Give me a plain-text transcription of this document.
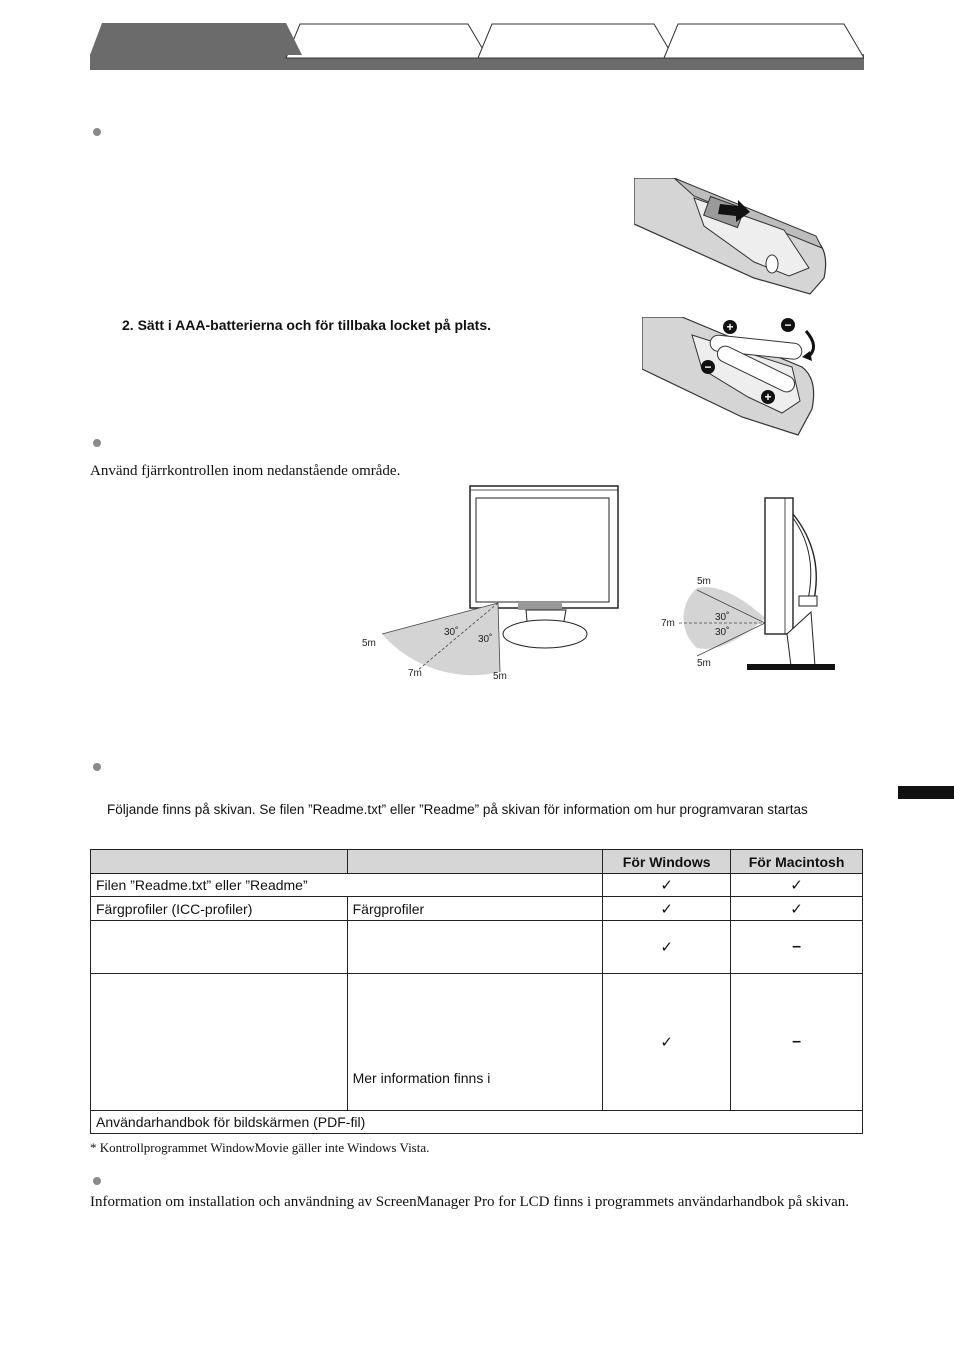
2. Sätt i AAA-batterierna och för tillbaka locket på plats.	+	−
−
+
Använd fjärrkontrollen inom nedanstående område.
30˚
30˚
5m
7m	5m
5m
7m
5m
30˚
30˚
Följande finns på skivan. Se filen ”Readme.txt” eller ”Readme” på skivan för information om hur programvaran startas
		För Windows	För Macintosh
Filen ”Readme.txt” eller ”Readme”		✓	✓
Färgprofiler (ICC-profiler)	Färgprofiler	✓	✓
		✓	–
	Mer information finns i	✓	–
Användarhandbok för bildskärmen (PDF-fil)			
* Kontrollprogrammet WindowMovie gäller inte Windows Vista.
Information om installation och användning av ScreenManager Pro for LCD finns i programmets användarhandbok på skivan.
